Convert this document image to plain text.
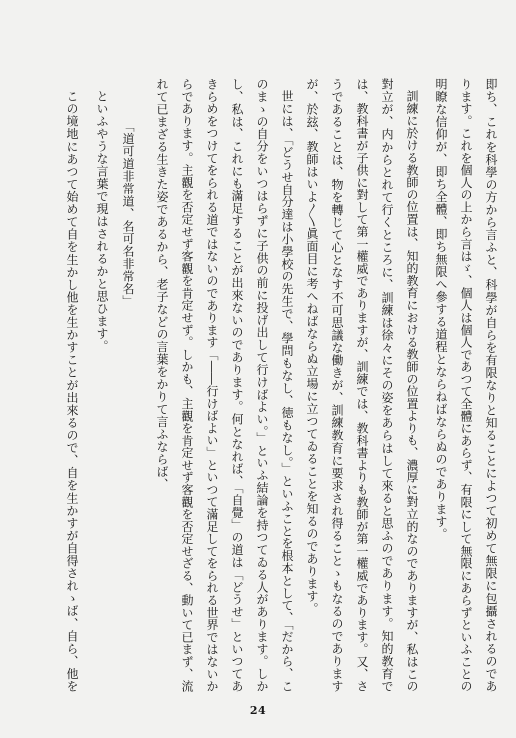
即ち、これを科學の方から言ふと、科學が自らを有限なりと知ることによつて初めて無限に包攝されるのであ
ります。これを個人の上から言はゞ、個人は個人であつて全體にあらず、有限にして無限にあらずといふことの
明瞭な信仰が、即ち全體、即ち無限へ參する道程とならねばならぬのであります。
訓練に於ける教師の位置は、知的教育における教師の位置よりも、濃厚に對立的なのでありますが、私はこの
對立が、内からとれて行くところに、訓練は徐々にその姿をあらはして來ると思ふのであります。知的教育で
は、教科書が子供に對して第一權威でありますが、訓練では、教科書よりも教師が第一權威であります。又、さ
うであることは、物を轉じて心となす不可思議な働きが、訓練教育に要求され得ることゝもなるのであります
が、於玆、教師はいよ〳〵眞面目に考へねばならぬ立場に立つてゐることを知るのであります。
世には、「どうせ自分達は小學校の先生で、學問もなし、徳もなし。」といふことを根本として、「だから、こ
のまゝの自分をいつはらずに子供の前に投げ出して行けばよい。」といふ結論を持つてゐる人があります。しか
し、私は、これにも滿足することが出來ないのであります。何となれば、「自覺」の道は「どうせ」といつてあ
きらめをつけてをられる道ではないのであります「――行けばよい」といつて滿足してをられる世界ではないか
らであります。主觀を否定せず客觀を肯定せず。しかも、主觀を肯定せず客觀を否定せざる、動いて已まず、流
れて已まざる生きた姿であるから、老子などの言葉をかりて言ふならば、
「道可道非常道、名可名非常名」
といふやうな言葉で現はされるかと思ひます。
この境地にあつて始めて自を生かし他を生かすことが出來るので、自を生かすが自得されゝば、自ら、他を
24
